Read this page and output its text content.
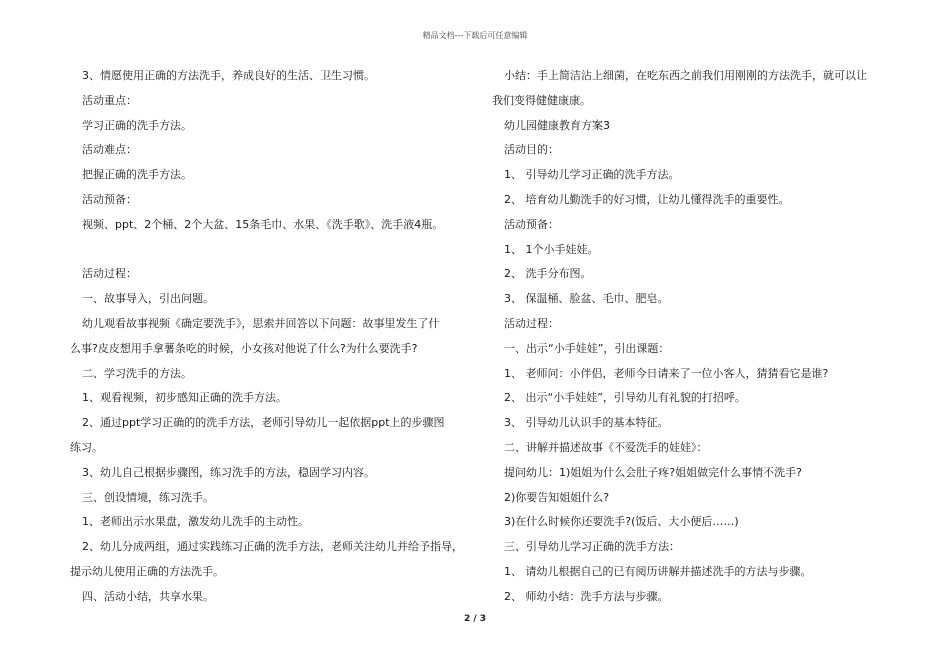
精品文档---下载后可任意编辑

3、情愿使用正确的方法洗手，养成良好的生活、卫生习惯。

活动重点：

学习正确的洗手方法。

活动难点：

把握正确的洗手方法。

活动预备：

视频、ppt、2个桶、2个大盆、15条毛巾、水果、《洗手歌》、洗手液4瓶。

活动过程：

一、故事导入，引出问题。

幼儿观看故事视频《确定要洗手》，思索并回答以下问题：故事里发生了什

么事?皮皮想用手拿薯条吃的时候，小女孩对他说了什么?为什么要洗手?

二、学习洗手的方法。

1、观看视频，初步感知正确的洗手方法。

2、通过ppt学习正确的的洗手方法，老师引导幼儿一起依据ppt上的步骤图

练习。

3、幼儿自己根据步骤图，练习洗手的方法，稳固学习内容。

三、创设情境，练习洗手。

1、老师出示水果盘，激发幼儿洗手的主动性。

2、幼儿分成两组，通过实践练习正确的洗手方法，老师关注幼儿并给予指导，

提示幼儿使用正确的方法洗手。

四、活动小结，共享水果。

小结：手上简洁沾上细菌，在吃东西之前我们用刚刚的方法洗手，就可以让

我们变得健健康康。

幼儿园健康教育方案3

活动目的：

1、 引导幼儿学习正确的洗手方法。

2、 培育幼儿勤洗手的好习惯，让幼儿懂得洗手的重要性。

活动预备：

1、 1个小手娃娃。

2、 洗手分布图。

3、 保温桶、脸盆、毛巾、肥皂。

活动过程：

一、出示“小手娃娃”，引出课题：

1、 老师问：小伴侣，老师今日请来了一位小客人，猜猜看它是谁?

2、 出示“小手娃娃”，引导幼儿有礼貌的打招呼。

3、 引导幼儿认识手的基本特征。

二、讲解并描述故事《不爱洗手的娃娃》：

提问幼儿：1)姐姐为什么会肚子疼?姐姐做完什么事情不洗手?

2)你要告知姐姐什么?

3)在什么时候你还要洗手?(饭后、大小便后……)

三、引导幼儿学习正确的洗手方法：

1、 请幼儿根据自己的已有阅历讲解并描述洗手的方法与步骤。

2、 师幼小结：洗手方法与步骤。

2 / 3
